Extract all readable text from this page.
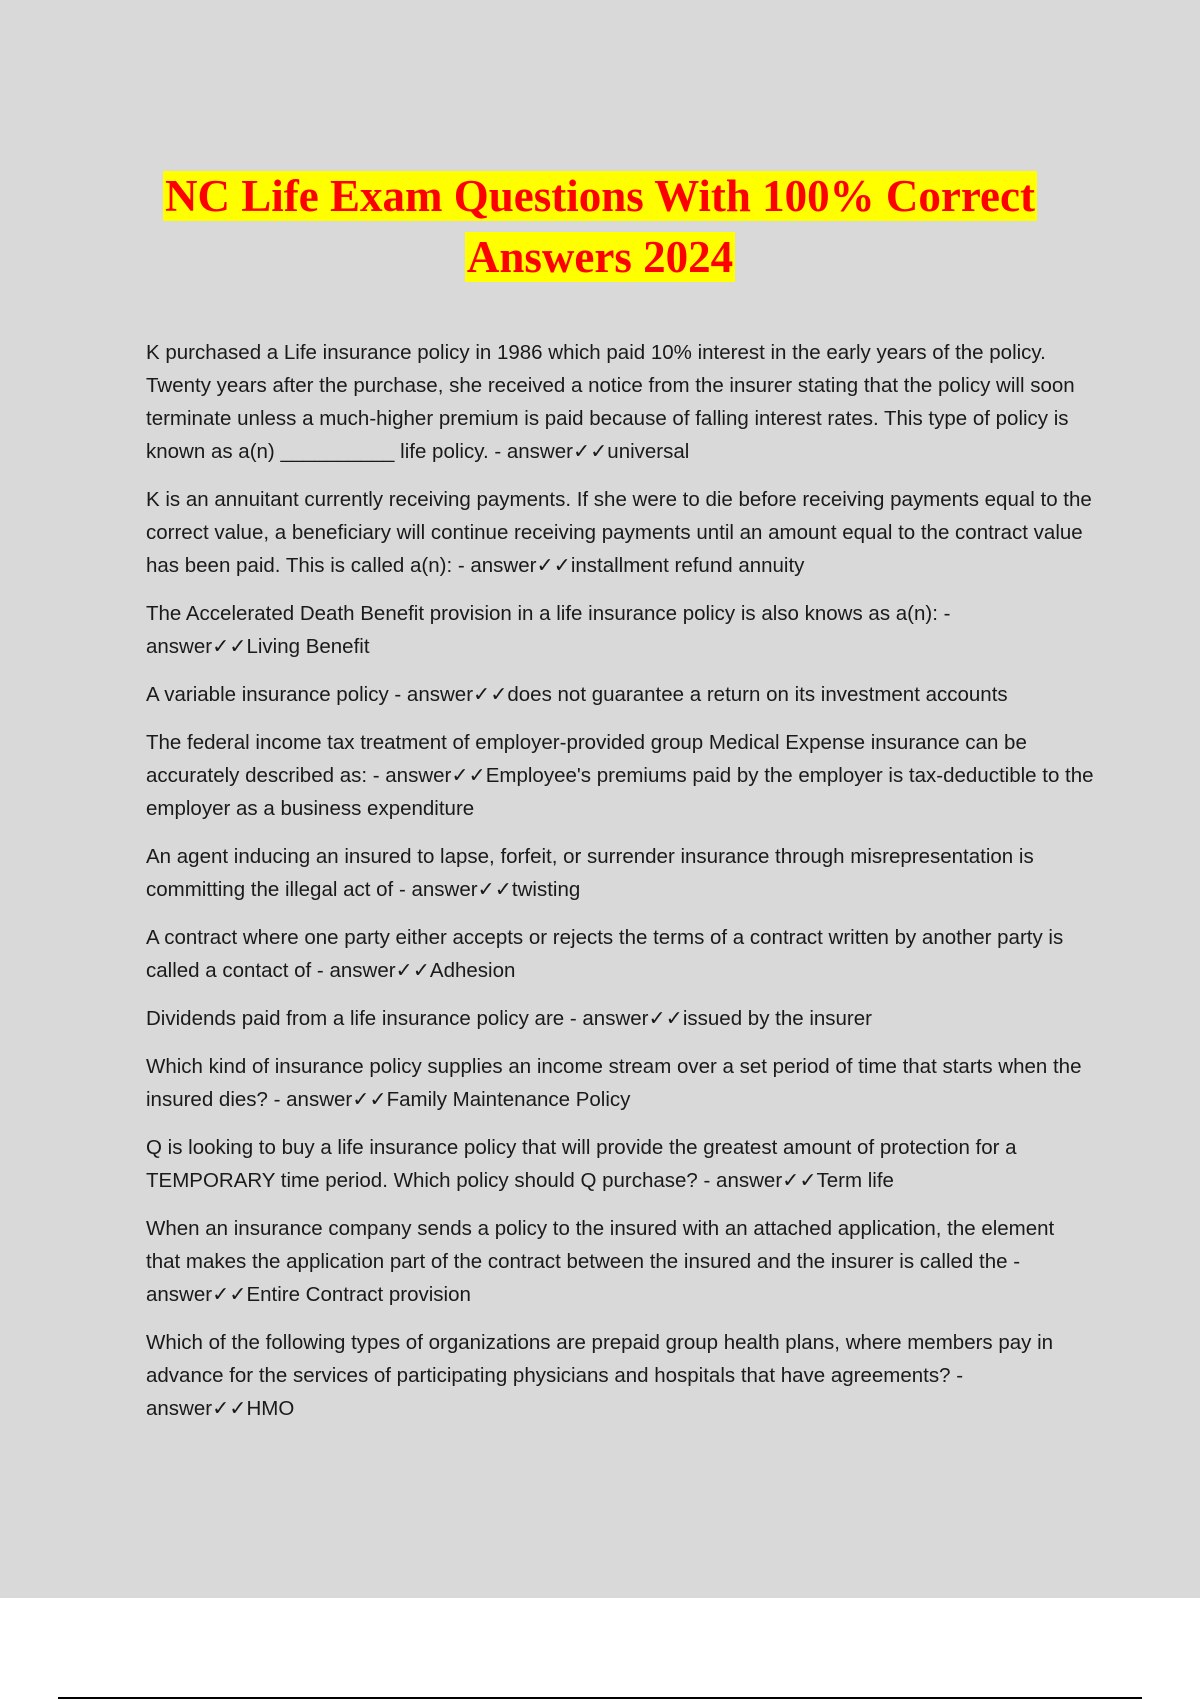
NC Life Exam Questions With 100% Correct
Answers 2024
K purchased a Life insurance policy in 1986 which paid 10% interest in the early years of the policy. Twenty years after the purchase, she received a notice from the insurer stating that the policy will soon terminate unless a much-higher premium is paid because of falling interest rates. This type of policy is known as a(n) __________ life policy. - answer✓✓universal
K is an annuitant currently receiving payments. If she were to die before receiving payments equal to the correct value, a beneficiary will continue receiving payments until an amount equal to the contract value has been paid. This is called a(n): - answer✓✓installment refund annuity
The Accelerated Death Benefit provision in a life insurance policy is also knows as a(n): - answer✓✓Living Benefit
A variable insurance policy - answer✓✓does not guarantee a return on its investment accounts
The federal income tax treatment of employer-provided group Medical Expense insurance can be accurately described as: - answer✓✓Employee's premiums paid by the employer is tax-deductible to the employer as a business expenditure
An agent inducing an insured to lapse, forfeit, or surrender insurance through misrepresentation is committing the illegal act of - answer✓✓twisting
A contract where one party either accepts or rejects the terms of a contract written by another party is called a contact of - answer✓✓Adhesion
Dividends paid from a life insurance policy are - answer✓✓issued by the insurer
Which kind of insurance policy supplies an income stream over a set period of time that starts when the insured dies? - answer✓✓Family Maintenance Policy
Q is looking to buy a life insurance policy that will provide the greatest amount of protection for a TEMPORARY time period. Which policy should Q purchase? - answer✓✓Term life
When an insurance company sends a policy to the insured with an attached application, the element that makes the application part of the contract between the insured and the insurer is called the - answer✓✓Entire Contract provision
Which of the following types of organizations are prepaid group health plans, where members pay in advance for the services of participating physicians and hospitals that have agreements? - answer✓✓HMO
